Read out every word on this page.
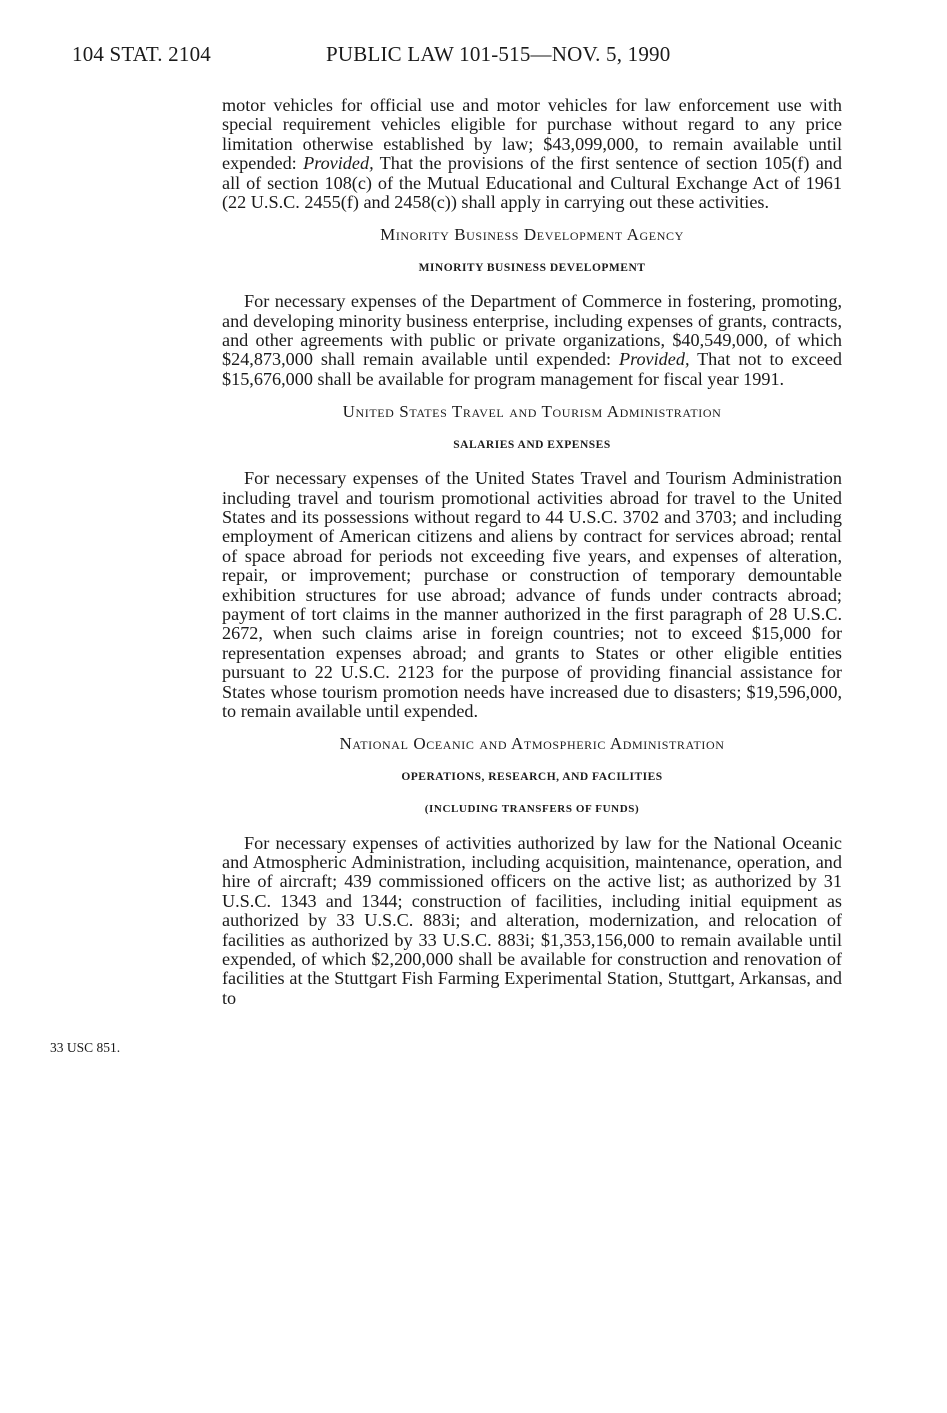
104 STAT. 2104	PUBLIC LAW 101-515—NOV. 5, 1990
33 USC 851.

motor vehicles for official use and motor vehicles for law enforcement use with special requirement vehicles eligible for purchase without regard to any price limitation otherwise established by law; $43,099,000, to remain available until expended: Provided, That the provisions of the first sentence of section 105(f) and all of section 108(c) of the Mutual Educational and Cultural Exchange Act of 1961 (22 U.S.C. 2455(f) and 2458(c)) shall apply in carrying out these activities.

Minority Business Development Agency
MINORITY BUSINESS DEVELOPMENT

For necessary expenses of the Department of Commerce in fostering, promoting, and developing minority business enterprise, including expenses of grants, contracts, and other agreements with public or private organizations, $40,549,000, of which $24,873,000 shall remain available until expended: Provided, That not to exceed $15,676,000 shall be available for program management for fiscal year 1991.

United States Travel and Tourism Administration
SALARIES AND EXPENSES

For necessary expenses of the United States Travel and Tourism Administration including travel and tourism promotional activities abroad for travel to the United States and its possessions without regard to 44 U.S.C. 3702 and 3703; and including employment of American citizens and aliens by contract for services abroad; rental of space abroad for periods not exceeding five years, and expenses of alteration, repair, or improvement; purchase or construction of temporary demountable exhibition structures for use abroad; advance of funds under contracts abroad; payment of tort claims in the manner authorized in the first paragraph of 28 U.S.C. 2672, when such claims arise in foreign countries; not to exceed $15,000 for representation expenses abroad; and grants to States or other eligible entities pursuant to 22 U.S.C. 2123 for the purpose of providing financial assistance for States whose tourism promotion needs have increased due to disasters; $19,596,000, to remain available until expended.

National Oceanic and Atmospheric Administration
OPERATIONS, RESEARCH, AND FACILITIES
(INCLUDING TRANSFERS OF FUNDS)

For necessary expenses of activities authorized by law for the National Oceanic and Atmospheric Administration, including acquisition, maintenance, operation, and hire of aircraft; 439 commissioned officers on the active list; as authorized by 31 U.S.C. 1343 and 1344; construction of facilities, including initial equipment as authorized by 33 U.S.C. 883i; and alteration, modernization, and relocation of facilities as authorized by 33 U.S.C. 883i; $1,353,156,000 to remain available until expended, of which $2,200,000 shall be available for construction and renovation of facilities at the Stuttgart Fish Farming Experimental Station, Stuttgart, Arkansas, and to
